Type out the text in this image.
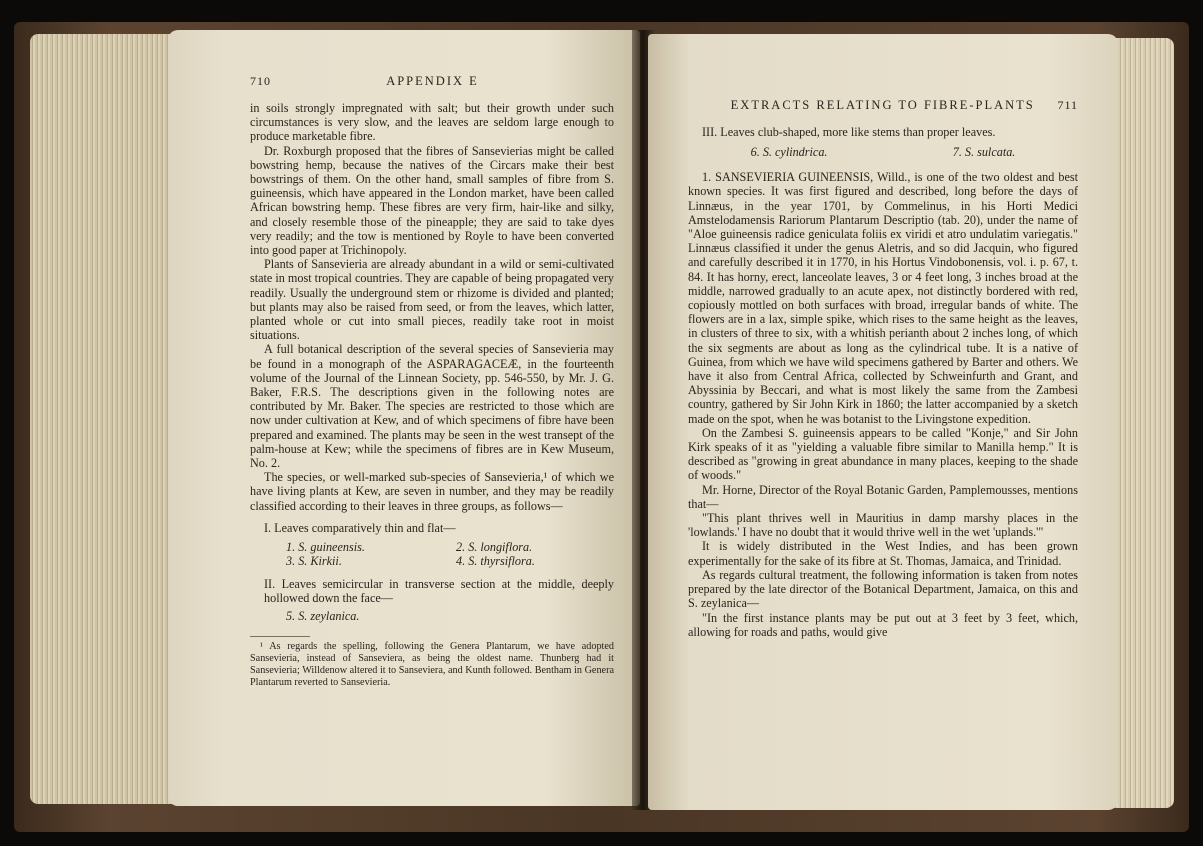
710	APPENDIX E

in soils strongly impregnated with salt; but their growth under such circumstances is very slow, and the leaves are seldom large enough to produce marketable fibre.

Dr. Roxburgh proposed that the fibres of Sansevierias might be called bowstring hemp, because the natives of the Circars make their best bowstrings of them. On the other hand, small samples of fibre from S. guineensis, which have appeared in the London market, have been called African bowstring hemp. These fibres are very firm, hair-like and silky, and closely resemble those of the pineapple; they are said to take dyes very readily; and the tow is mentioned by Royle to have been converted into good paper at Trichinopoly.

Plants of Sansevieria are already abundant in a wild or semi-cultivated state in most tropical countries. They are capable of being propagated very readily. Usually the underground stem or rhizome is divided and planted; but plants may also be raised from seed, or from the leaves, which latter, planted whole or cut into small pieces, readily take root in moist situations.

A full botanical description of the several species of Sansevieria may be found in a monograph of the ASPARAGACEÆ, in the fourteenth volume of the Journal of the Linnean Society, pp. 546-550, by Mr. J. G. Baker, F.R.S. The descriptions given in the following notes are contributed by Mr. Baker. The species are restricted to those which are now under cultivation at Kew, and of which specimens of fibre have been prepared and examined. The plants may be seen in the west transept of the palm-house at Kew; while the specimens of fibres are in Kew Museum, No. 2.

The species, or well-marked sub-species of Sansevieria,¹ of which we have living plants at Kew, are seven in number, and they may be readily classified according to their leaves in three groups, as follows—

I. Leaves comparatively thin and flat—
1. S. guineensis.	2. S. longiflora.
3. S. Kirkii.	4. S. thyrsiflora.
II. Leaves semicircular in transverse section at the middle, deeply hollowed down the face—
5. S. zeylanica.

¹ As regards the spelling, following the Genera Plantarum, we have adopted Sansevieria, instead of Sanseviera, as being the oldest name. Thunberg had it Sansevieria; Willdenow altered it to Sanseviera, and Kunth followed. Bentham in Genera Plantarum reverted to Sansevieria.

EXTRACTS RELATING TO FIBRE-PLANTS 711

III. Leaves club-shaped, more like stems than proper leaves.

6. S. cylindrica.	7. S. sulcata.

1. SANSEVIERIA GUINEENSIS, Willd., is one of the two oldest and best known species. It was first figured and described, long before the days of Linnæus, in the year 1701, by Commelinus, in his Horti Medici Amstelodamensis Rariorum Plantarum Descriptio (tab. 20), under the name of "Aloe guineensis radice geniculata foliis ex viridi et atro undulatim variegatis." Linnæus classified it under the genus Aletris, and so did Jacquin, who figured and carefully described it in 1770, in his Hortus Vindobonensis, vol. i. p. 67, t. 84. It has horny, erect, lanceolate leaves, 3 or 4 feet long, 3 inches broad at the middle, narrowed gradually to an acute apex, not distinctly bordered with red, copiously mottled on both surfaces with broad, irregular bands of white. The flowers are in a lax, simple spike, which rises to the same height as the leaves, in clusters of three to six, with a whitish perianth about 2 inches long, of which the six segments are about as long as the cylindrical tube. It is a native of Guinea, from which we have wild specimens gathered by Barter and others. We have it also from Central Africa, collected by Schweinfurth and Grant, and Abyssinia by Beccari, and what is most likely the same from the Zambesi country, gathered by Sir John Kirk in 1860; the latter accompanied by a sketch made on the spot, when he was botanist to the Livingstone expedition.

On the Zambesi S. guineensis appears to be called "Konje," and Sir John Kirk speaks of it as "yielding a valuable fibre similar to Manilla hemp." It is described as "growing in great abundance in many places, keeping to the shade of woods."

Mr. Horne, Director of the Royal Botanic Garden, Pamplemousses, mentions that—

"This plant thrives well in Mauritius in damp marshy places in the 'lowlands.' I have no doubt that it would thrive well in the wet 'uplands.'"

It is widely distributed in the West Indies, and has been grown experimentally for the sake of its fibre at St. Thomas, Jamaica, and Trinidad.

As regards cultural treatment, the following information is taken from notes prepared by the late director of the Botanical Department, Jamaica, on this and S. zeylanica—

"In the first instance plants may be put out at 3 feet by 3 feet, which, allowing for roads and paths, would give
